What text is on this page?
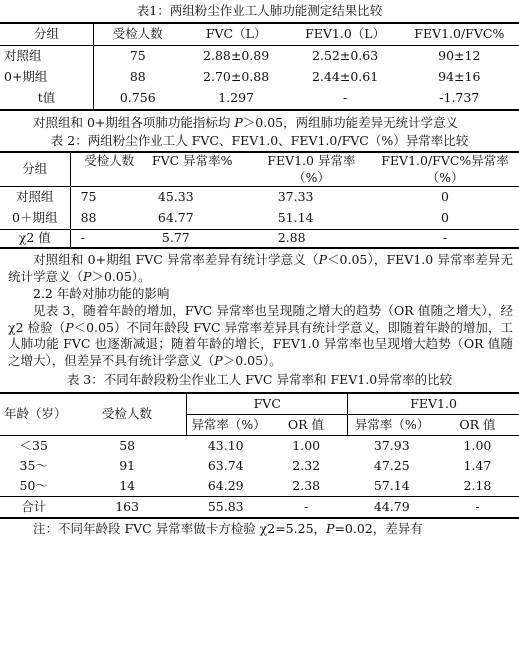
表1：两组粉尘作业工人肺功能测定结果比较

分组	受检人数	FVC（L）	FEV1.0（L）	FEV1.0/FVC%
对照组	75	2.88±0.89	2.52±0.63	90±12
0+期组	88	2.70±0.88	2.44±0.61	94±16
t值	0.756	1.297	-	-1.737

对照组和 0+期组各项肺功能指标均 P＞0.05，两组肺功能差异无统计学意义

表 2：两组粉尘作业工人 FVC、FEV1.0、FEV1.0/FVC（%）异常率比较

分组	受检人数	FVC 异常率%	FEV1.0 异常率（%）	FEV1.0/FVC%异常率（%）
对照组	75	45.33	37.33	0
0＋期组	88	64.77	51.14	0
χ2 值	-	5.77	2.88	-

对照组和 0+期组 FVC 异常率差异有统计学意义（P＜0.05），FEV1.0 异常率差异无统计学意义（P＞0.05）。

2.2 年龄对肺功能的影响

见表 3，随着年龄的增加，FVC 异常率也呈现随之增大的趋势（OR 值随之增大），经χ2 检验（P＜0.05）不同年龄段 FVC 异常率差异具有统计学意义，即随着年龄的增加，工人肺功能 FVC 也逐渐减退；随着年龄的增长，FEV1.0 异常率也呈现增大趋势（OR 值随之增大），但差异不具有统计学意义（P＞0.05）。

表 3：不同年龄段粉尘作业工人 FVC 异常率和 FEV1.0异常率的比较

年龄（岁）	受检人数	FVC		FEV1.0	
		异常率（%）	OR 值	异常率（%）	OR 值
＜35	58	43.10	1.00	37.93	1.00
35～	91	63.74	2.32	47.25	1.47
50～	14	64.29	2.38	57.14	2.18
合计	163	55.83	-	44.79	-

注：不同年龄段 FVC 异常率做卡方检验 χ2=5.25，P=0.02，差异有
